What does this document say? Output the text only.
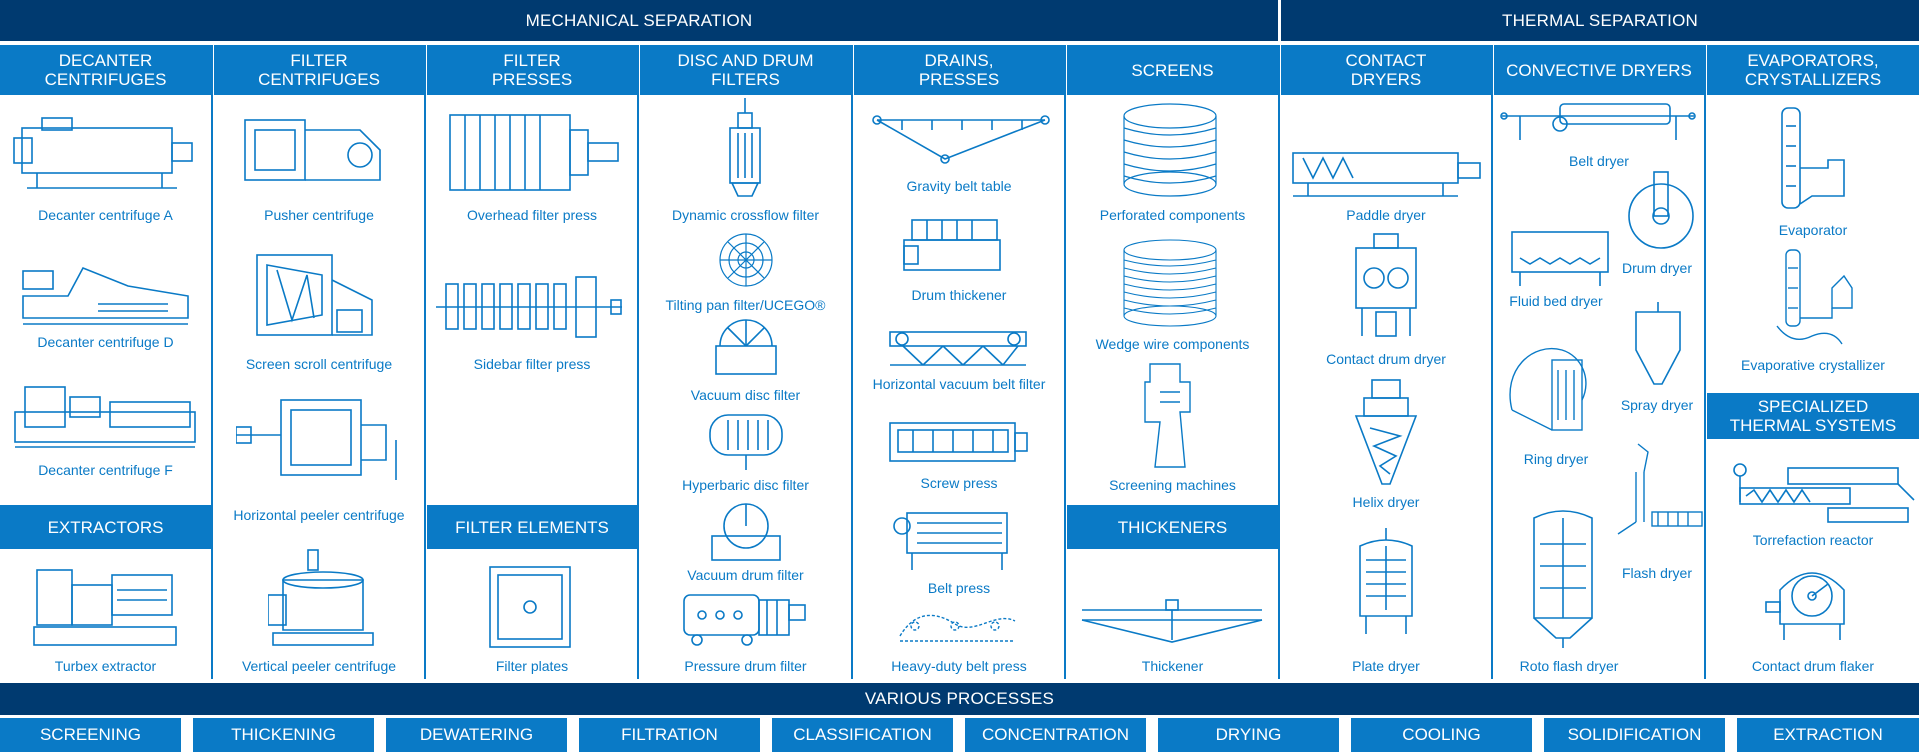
MECHANICAL SEPARATION	THERMAL SEPARATION
DECANTER
CENTRIFUGES
FILTER
CENTRIFUGES
FILTER
PRESSES
DISC AND DRUM
FILTERS
DRAINS,
PRESSES	SCREENS	CONTACT
DRYERS	CONVECTIVE DRYERS	EVAPORATORS,
CRYSTALLIZERS
EXTRACTORS	FILTER ELEMENTS	THICKENERS
SPECIALIZED
THERMAL SYSTEMS
Decanter centrifuge A
Decanter centrifuge D
Decanter centrifuge F
Turbex extractor
Pusher centrifuge
Screen scroll centrifuge
Horizontal peeler centrifuge
Vertical peeler centrifuge
Overhead filter press
Sidebar filter press
Filter plates
Dynamic crossflow filter
Tilting pan filter/UCEGO®
Vacuum disc filter
Hyperbaric disc filter
Vacuum drum filter
Pressure drum filter
Gravity belt table
Drum thickener
Horizontal vacuum belt filter
Screw press
Belt press
Heavy-duty belt press
Perforated components
Wedge wire components
Screening machines
Thickener
Paddle dryer
Contact drum dryer
Helix dryer
Plate dryer
Belt dryer
Drum dryer
Fluid bed dryer
Spray dryer
Ring dryer
Flash dryer
Roto flash dryer
Evaporator
Evaporative crystallizer
Torrefaction reactor
Contact drum flaker
VARIOUS PROCESSES
SCREENING	THICKENING	DEWATERING	FILTRATION	CLASSIFICATION	CONCENTRATION	DRYING	COOLING	SOLIDIFICATION	EXTRACTION
